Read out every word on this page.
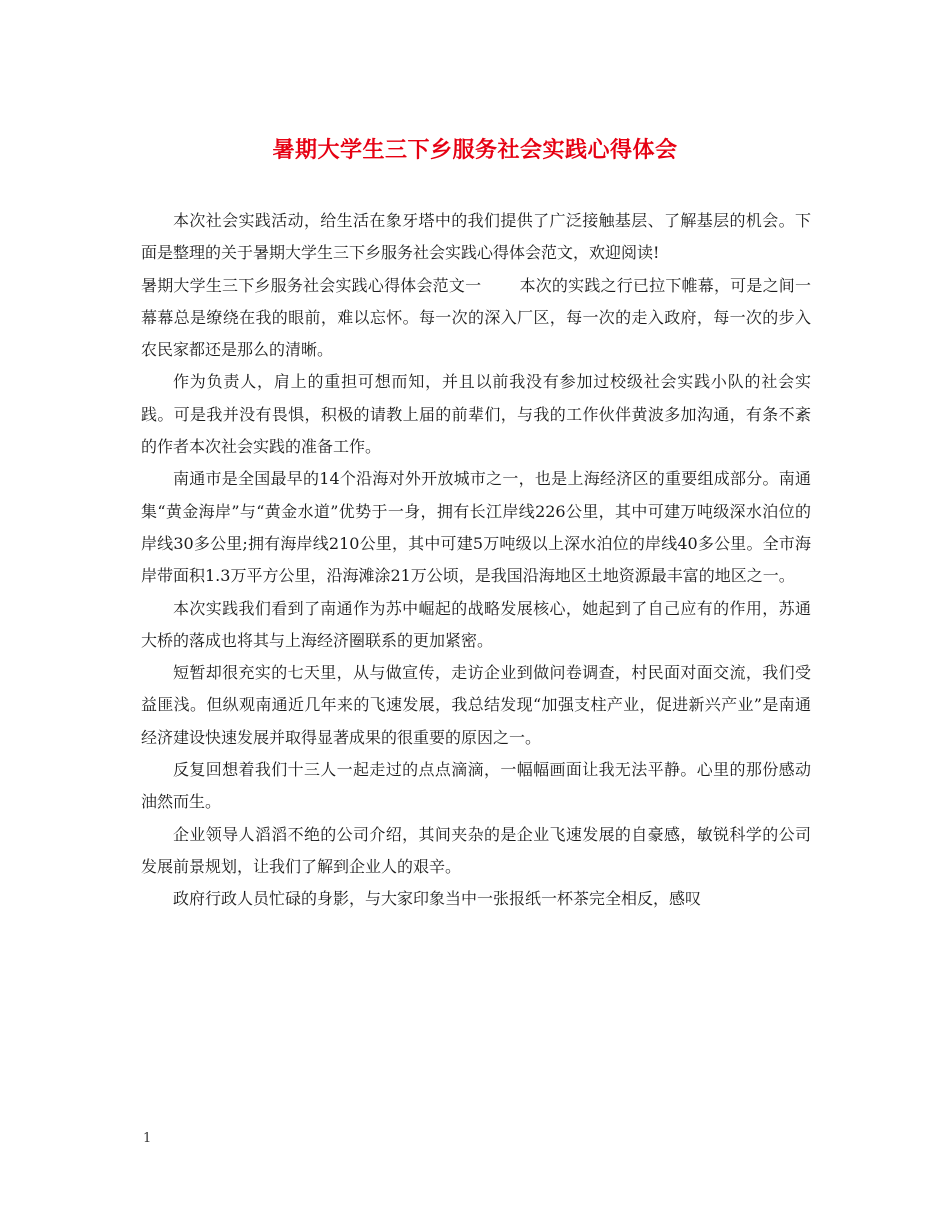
暑期大学生三下乡服务社会实践心得体会

本次社会实践活动，给生活在象牙塔中的我们提供了广泛接触基层、了解基层的机会。下面是整理的关于暑期大学生三下乡服务社会实践心得体会范文，欢迎阅读!

暑期大学生三下乡服务社会实践心得体会范文一 本次的实践之行已拉下帷幕，可是之间一幕幕总是缭绕在我的眼前，难以忘怀。每一次的深入厂区，每一次的走入政府，每一次的步入农民家都还是那么的清晰。

作为负责人，肩上的重担可想而知，并且以前我没有参加过校级社会实践小队的社会实践。可是我并没有畏惧，积极的请教上届的前辈们，与我的工作伙伴黄波多加沟通，有条不紊的作者本次社会实践的准备工作。

南通市是全国最早的14个沿海对外开放城市之一，也是上海经济区的重要组成部分。南通集“黄金海岸”与“黄金水道”优势于一身，拥有长江岸线226公里，其中可建万吨级深水泊位的岸线30多公里;拥有海岸线210公里，其中可建5万吨级以上深水泊位的岸线40多公里。全市海岸带面积1.3万平方公里，沿海滩涂21万公顷，是我国沿海地区土地资源最丰富的地区之一。

本次实践我们看到了南通作为苏中崛起的战略发展核心，她起到了自己应有的作用，苏通大桥的落成也将其与上海经济圈联系的更加紧密。

短暂却很充实的七天里，从与做宣传，走访企业到做问卷调查，村民面对面交流，我们受益匪浅。但纵观南通近几年来的飞速发展，我总结发现“加强支柱产业，促进新兴产业”是南通经济建设快速发展并取得显著成果的很重要的原因之一。

反复回想着我们十三人一起走过的点点滴滴，一幅幅画面让我无法平静。心里的那份感动油然而生。

企业领导人滔滔不绝的公司介绍，其间夹杂的是企业飞速发展的自豪感，敏锐科学的公司发展前景规划，让我们了解到企业人的艰辛。

政府行政人员忙碌的身影，与大家印象当中一张报纸一杯茶完全相反，感叹

1
